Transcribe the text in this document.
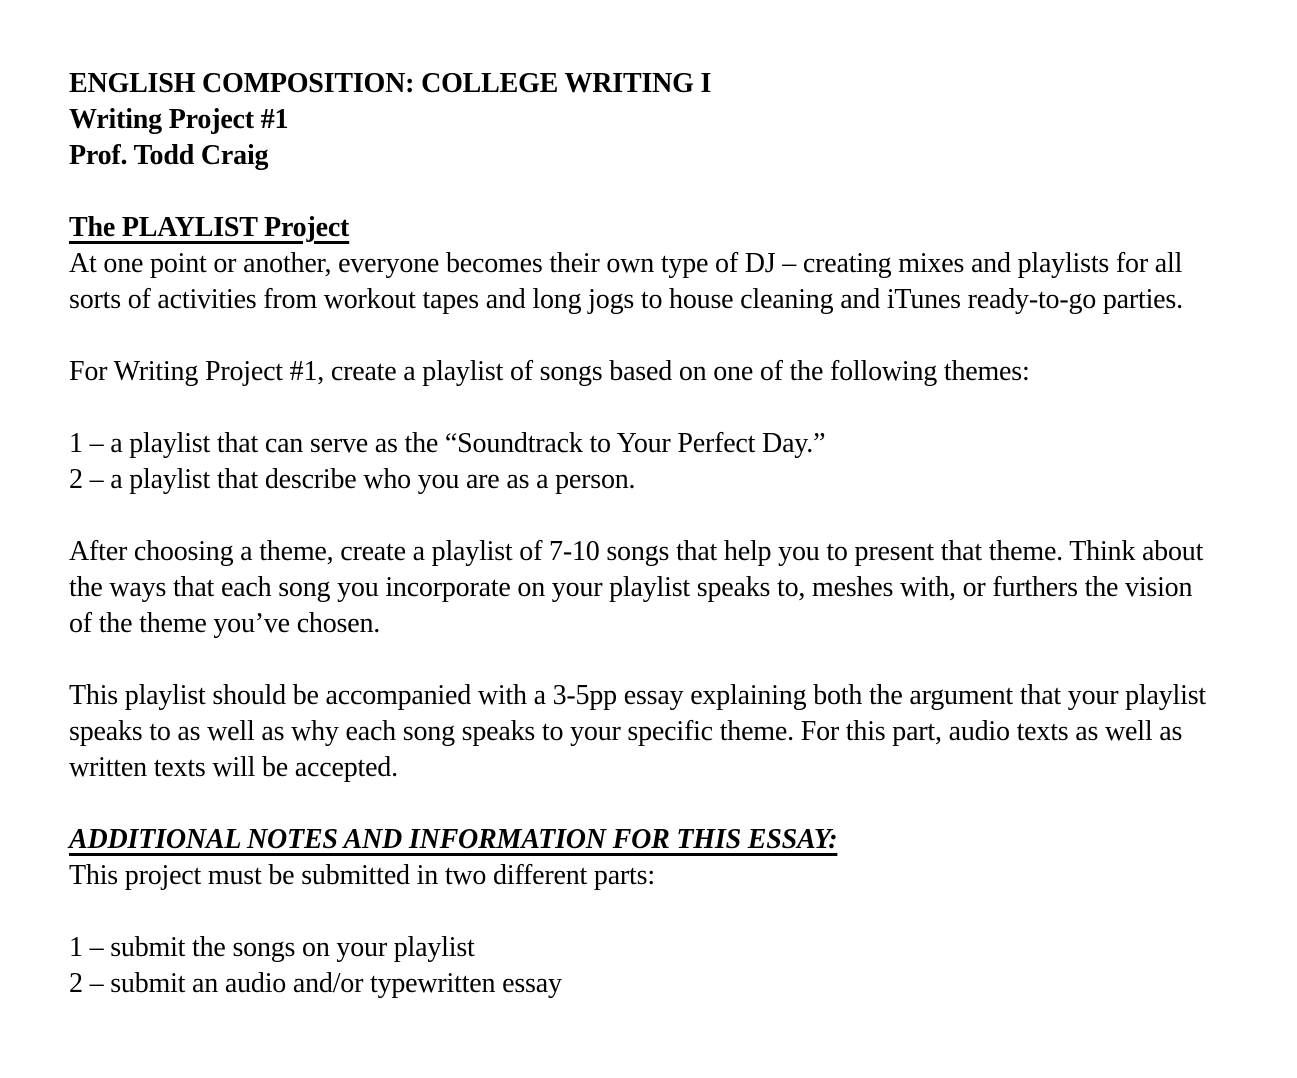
ENGLISH COMPOSITION: COLLEGE WRITING I

Writing Project #1

Prof. Todd Craig

The PLAYLIST Project

At one point or another, everyone becomes their own type of DJ – creating mixes and playlists for all sorts of activities from workout tapes and long jogs to house cleaning and iTunes ready-to-go parties.

For Writing Project #1, create a playlist of songs based on one of the following themes:

1 – a playlist that can serve as the “Soundtrack to Your Perfect Day.”

2 – a playlist that describe who you are as a person.

After choosing a theme, create a playlist of 7-10 songs that help you to present that theme. Think about the ways that each song you incorporate on your playlist speaks to, meshes with, or furthers the vision of the theme you’ve chosen.

This playlist should be accompanied with a 3-5pp essay explaining both the argument that your playlist speaks to as well as why each song speaks to your specific theme. For this part, audio texts as well as written texts will be accepted.

ADDITIONAL NOTES AND INFORMATION FOR THIS ESSAY:

This project must be submitted in two different parts:

1 – submit the songs on your playlist

2 – submit an audio and/or typewritten essay
